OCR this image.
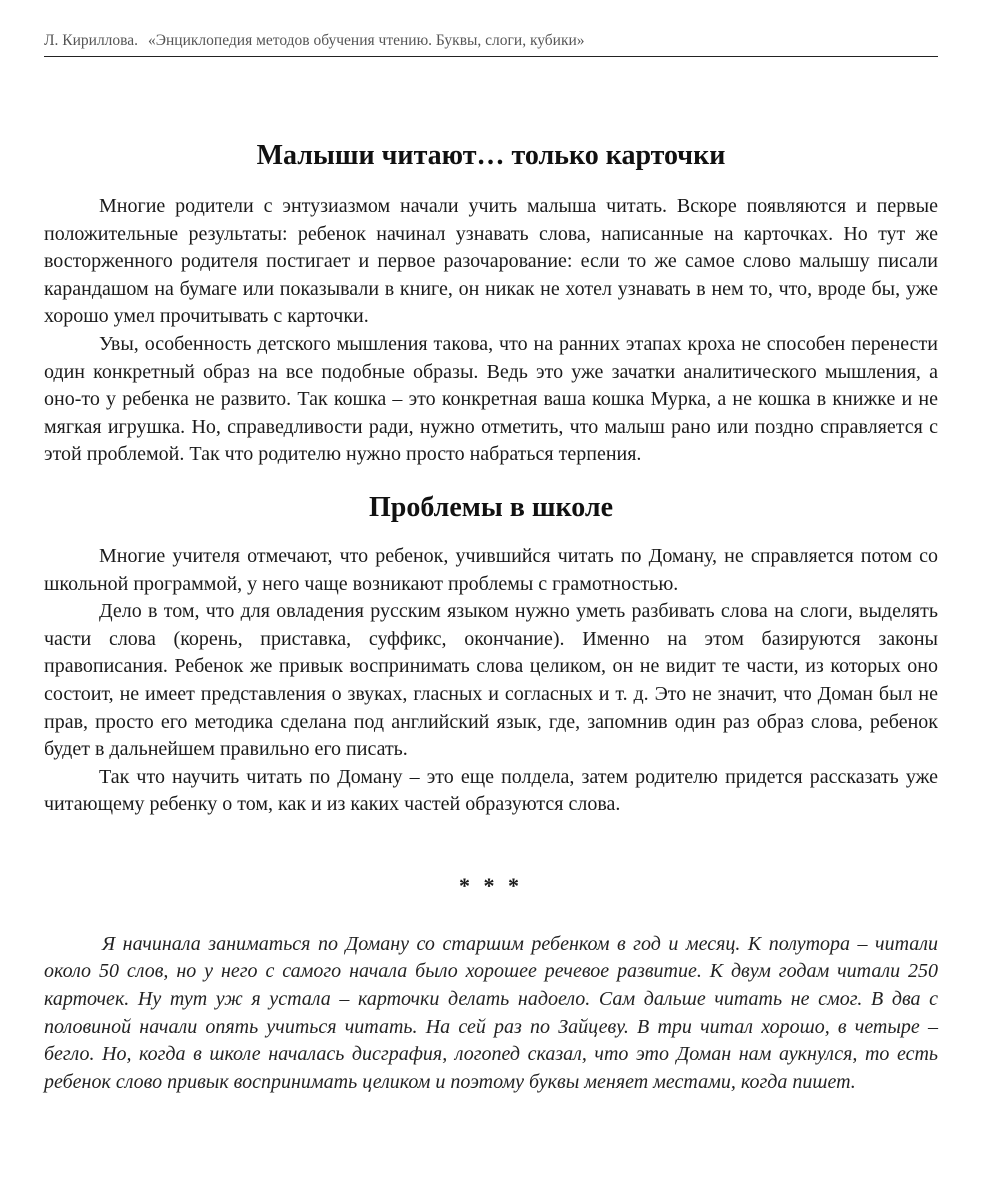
Л. Кириллова. «Энциклопедия методов обучения чтению. Буквы, слоги, кубики»
Малыши читают… только карточки

Многие родители с энтузиазмом начали учить малыша читать. Вскоре появляются и первые положительные результаты: ребенок начинал узнавать слова, написанные на карточках. Но тут же восторженного родителя постигает и первое разочарование: если то же самое слово малышу писали карандашом на бумаге или показывали в книге, он никак не хотел узнавать в нем то, что, вроде бы, уже хорошо умел прочитывать с карточки.

Увы, особенность детского мышления такова, что на ранних этапах кроха не способен перенести один конкретный образ на все подобные образы. Ведь это уже зачатки аналитического мышления, а оно-то у ребенка не развито. Так кошка – это конкретная ваша кошка Мурка, а не кошка в книжке и не мягкая игрушка. Но, справедливости ради, нужно отметить, что малыш рано или поздно справляется с этой проблемой. Так что родителю нужно просто набраться терпения.

Проблемы в школе

Многие учителя отмечают, что ребенок, учившийся читать по Доману, не справляется потом со школьной программой, у него чаще возникают проблемы с грамотностью.

Дело в том, что для овладения русским языком нужно уметь разбивать слова на слоги, выделять части слова (корень, приставка, суффикс, окончание). Именно на этом базируются законы правописания. Ребенок же привык воспринимать слова целиком, он не видит те части, из которых оно состоит, не имеет представления о звуках, гласных и согласных и т. д. Это не значит, что Доман был не прав, просто его методика сделана под английский язык, где, запомнив один раз образ слова, ребенок будет в дальнейшем правильно его писать.

Так что научить читать по Доману – это еще полдела, затем родителю придется рассказать уже читающему ребенку о том, как и из каких частей образуются слова.

* * *

Я начинала заниматься по Доману со старшим ребенком в год и месяц. К полутора – читали около 50 слов, но у него с самого начала было хорошее речевое развитие. К двум годам читали 250 карточек. Ну тут уж я устала – карточки делать надоело. Сам дальше читать не смог. В два с половиной начали опять учиться читать. На сей раз по Зайцеву. В три читал хорошо, в четыре – бегло. Но, когда в школе началась дисграфия, логопед сказал, что это Доман нам аукнулся, то есть ребенок слово привык воспринимать целиком и поэтому буквы меняет местами, когда пишет.
